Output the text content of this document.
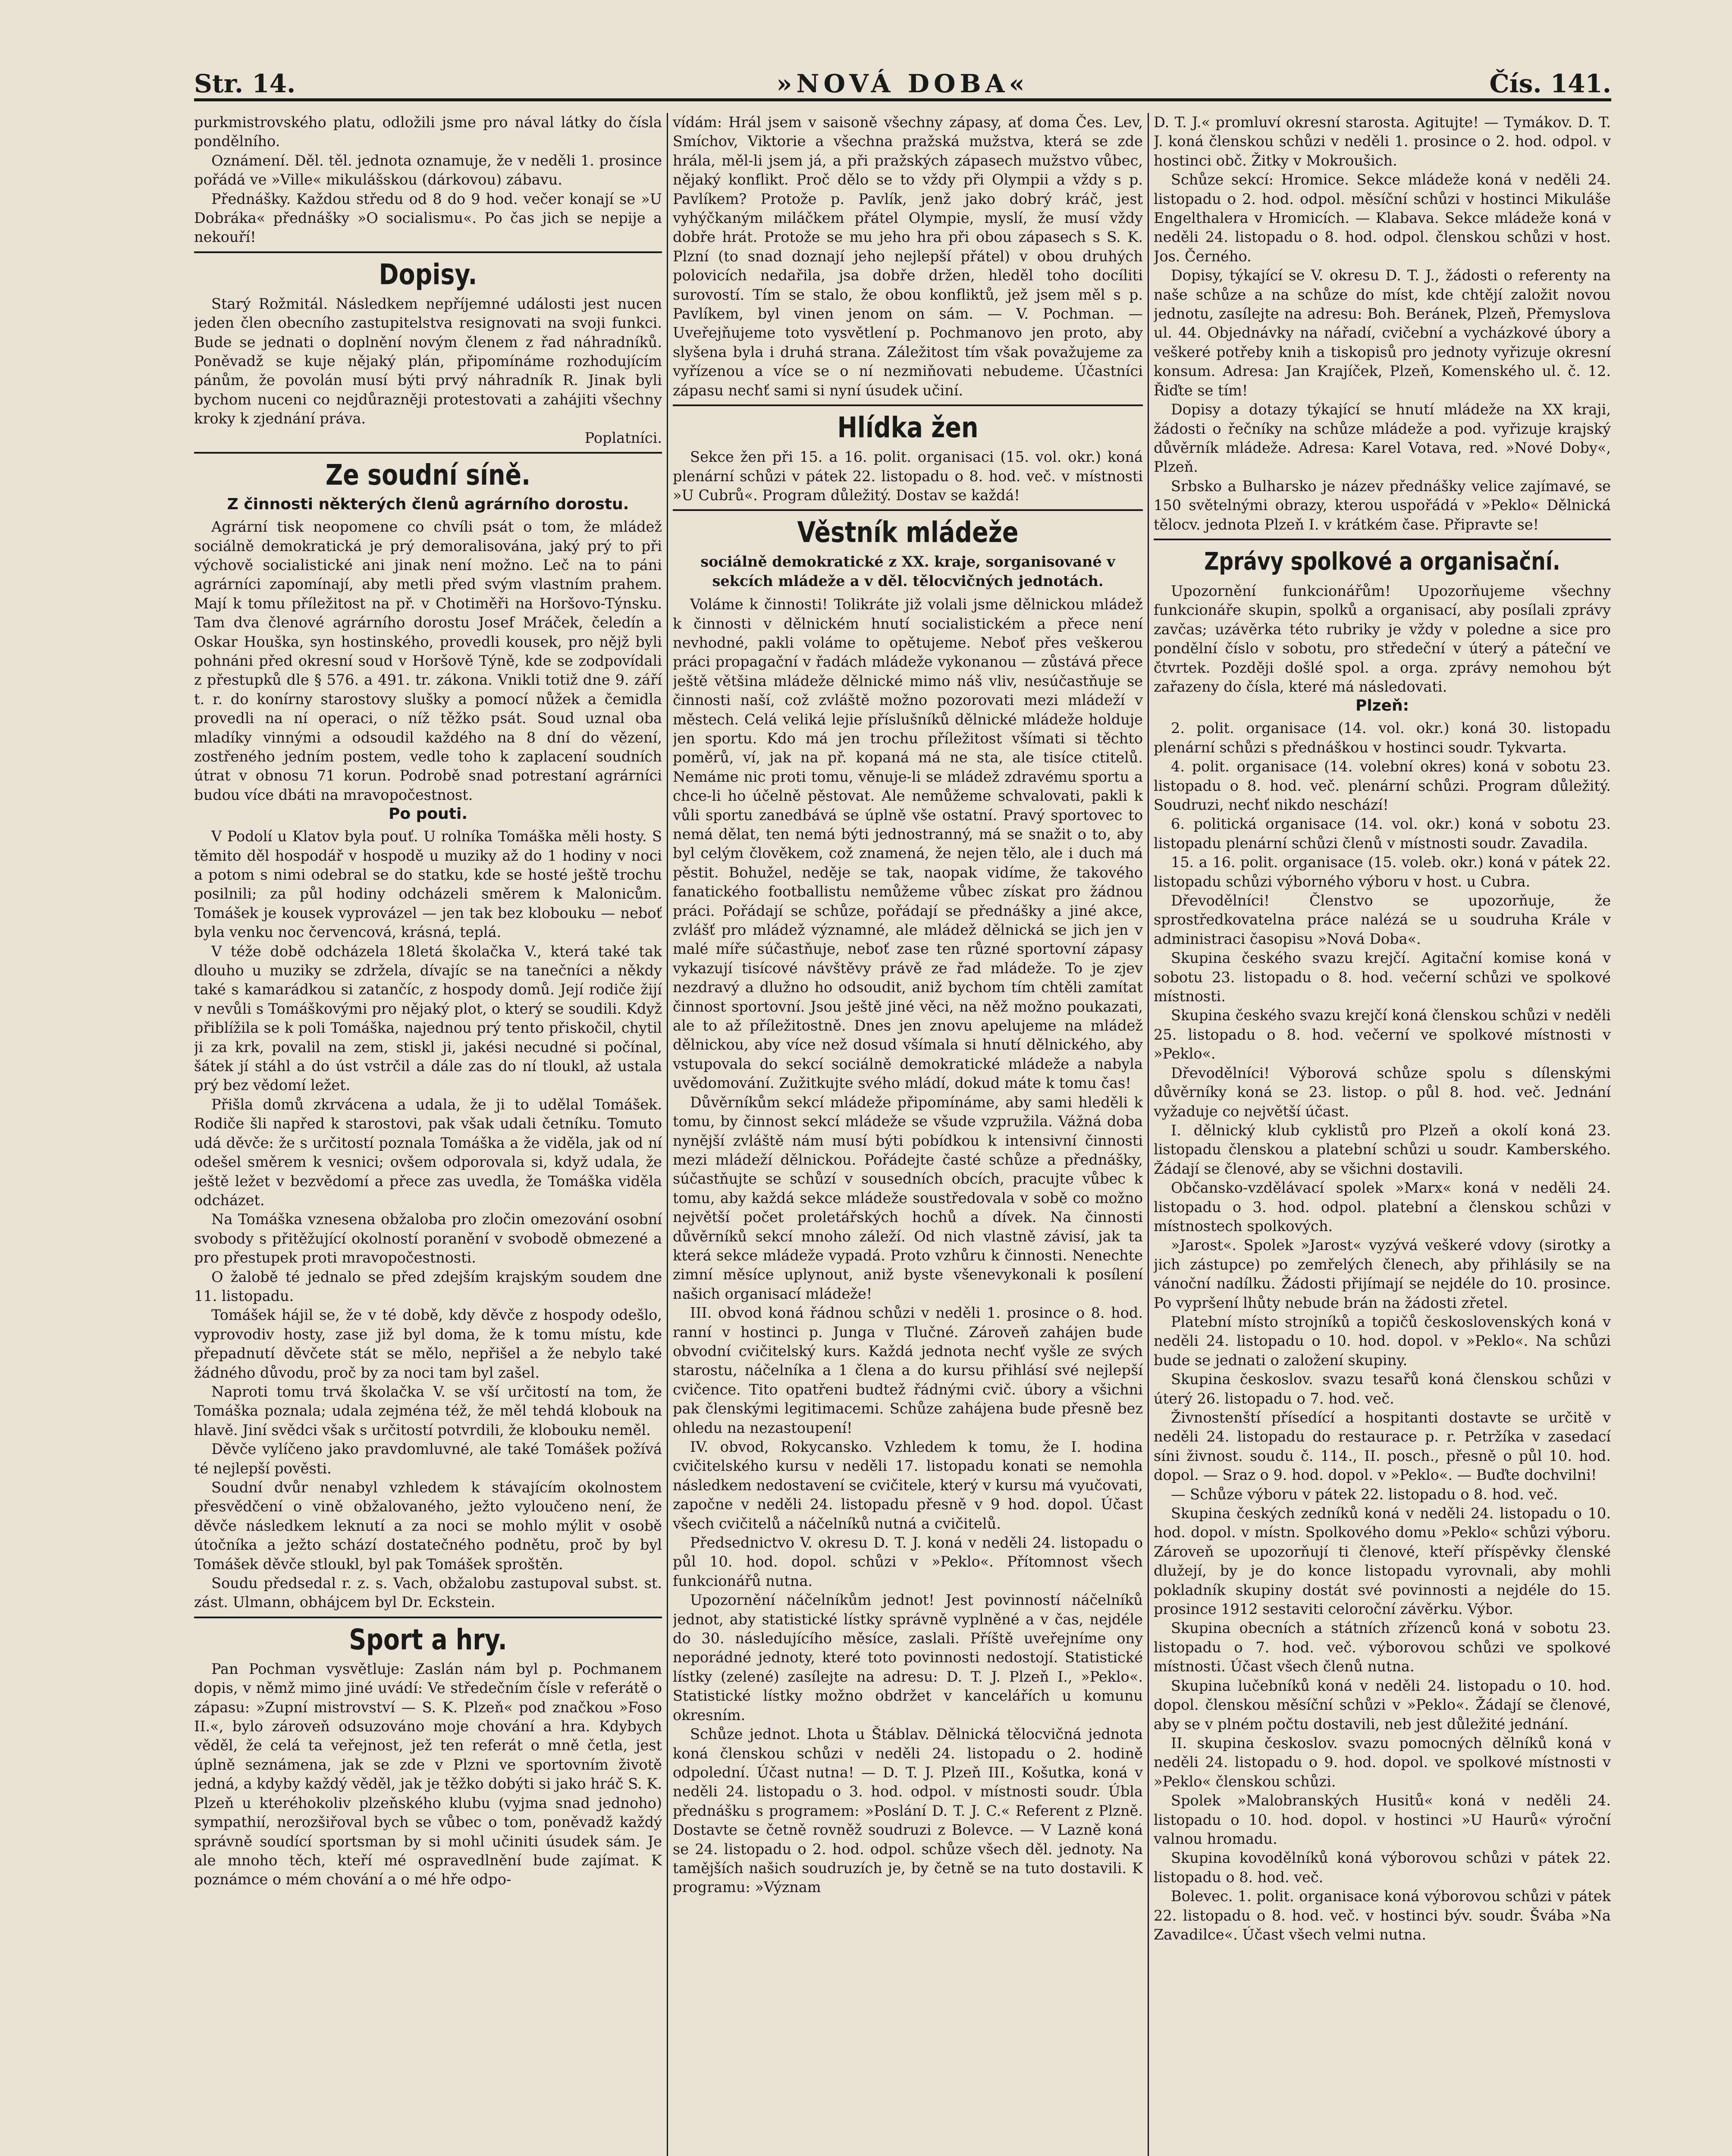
Str. 14.	»NOVÁ DOBA«	Čís. 141.

purkmistrovského platu, odložili jsme pro nával látky do čísla pondělního.

Oznámení. Děl. těl. jednota oznamuje, že v neděli 1. prosince pořádá ve »Ville« mikulášskou (dárkovou) zábavu.

Přednášky. Každou středu od 8 do 9 hod. večer konají se »U Dobráka« přednášky »O socialismu«. Po čas jich se nepije a nekouří!

Dopisy.

Starý Rožmitál. Následkem nepříjemné události jest nucen jeden člen obecního zastupitelstva resignovati na svoji funkci. Bude se jednati o doplnění novým členem z řad náhradníků. Poněvadž se kuje nějaký plán, připomínáme rozhodujícím pánům, že povolán musí býti prvý náhradník R. Jinak byli bychom nuceni co nejdůrazněji protestovati a zahájiti všechny kroky k zjednání práva.

Poplatníci.

Ze soudní síně.
Z činnosti některých členů agrárního dorostu.

Agrární tisk neopomene co chvíli psát o tom, že mládež sociálně demokratická je prý demoralisována, jaký prý to při výchově socialistické ani jinak není možno. Leč na to páni agrárníci zapomínají, aby metli před svým vlastním prahem. Mají k tomu příležitost na př. v Chotiměři na Horšovo-Týnsku. Tam dva členové agrárního dorostu Josef Mráček, čeledín a Oskar Houška, syn hostinského, provedli kousek, pro nějž byli pohnáni před okresní soud v Horšově Týně, kde se zodpovídali z přestupků dle § 576. a 491. tr. zákona. Vnikli totiž dne 9. září t. r. do konírny starostovy slušky a pomocí nůžek a čemidla provedli na ní operaci, o níž těžko psát. Soud uznal oba mladíky vinnými a odsoudil každého na 8 dní do vězení, zostřeného jedním postem, vedle toho k zaplacení soudních útrat v obnosu 71 korun. Podrobě snad potrestaní agrárníci budou více dbáti na mravopočestnost.

Po pouti.

V Podolí u Klatov byla pouť. U rolníka Tomáška měli hosty. S těmito děl hospodář v hospodě u muziky až do 1 hodiny v noci a potom s nimi odebral se do statku, kde se hosté ještě trochu posilnili; za půl hodiny odcházeli směrem k Malonicům. Tomášek je kousek vyprovázel — jen tak bez klobouku — neboť byla venku noc červencová, krásná, teplá.

V téže době odcházela 18letá školačka V., která také tak dlouho u muziky se zdržela, dívajíc se na tanečníci a někdy také s kamarádkou si zatančíc, z hospody domů. Její rodiče žijí v nevůli s Tomáškovými pro nějaký plot, o který se soudili. Když přiblížila se k poli Tomáška, najednou prý tento přiskočil, chytil ji za krk, povalil na zem, stiskl ji, jakési necudné si počínal, šátek jí stáhl a do úst vstrčil a dále zas do ní tloukl, až ustala prý bez vědomí ležet.

Přišla domů zkrvácena a udala, že ji to udělal Tomášek. Rodiče šli napřed k starostovi, pak však udali četníku. Tomuto udá děvče: že s určitostí poznala Tomáška a že viděla, jak od ní odešel směrem k vesnici; ovšem odporovala si, když udala, že ještě ležet v bezvědomí a přece zas uvedla, že Tomáška viděla odcházet.

Na Tomáška vznesena obžaloba pro zločin omezování osobní svobody s přitěžující okolností poranění v svobodě obmezené a pro přestupek proti mravopočestnosti.

O žalobě té jednalo se před zdejším krajským soudem dne 11. listopadu.

Tomášek hájil se, že v té době, kdy děvče z hospody odešlo, vyprovodiv hosty, zase již byl doma, že k tomu místu, kde přepadnutí děvčete stát se mělo, nepřišel a že nebylo také žádného důvodu, proč by za noci tam byl zašel.

Naproti tomu trvá školačka V. se vší určitostí na tom, že Tomáška poznala; udala zejména též, že měl tehdá klobouk na hlavě. Jiní svědci však s určitostí potvrdili, že klobouku neměl.

Děvče vylíčeno jako pravdomluvné, ale také Tomášek požívá té nejlepší pověsti.

Soudní dvůr nenabyl vzhledem k stávajícím okolnostem přesvědčení o vině obžalovaného, ježto vyloučeno není, že děvče následkem leknutí a za noci se mohlo mýlit v osobě útočníka a ježto schází dostatečného podnětu, proč by byl Tomášek děvče stloukl, byl pak Tomášek sproštěn.

Soudu předsedal r. z. s. Vach, obžalobu zastupoval subst. st. zást. Ulmann, obhájcem byl Dr. Eckstein.

Sport a hry.

Pan Pochman vysvětluje: Zaslán nám byl p. Pochmanem dopis, v němž mimo jiné uvádí: Ve středečním čísle v referátě o zápasu: »Zupní mistrovství — S. K. Plzeň« pod značkou »Foso II.«, bylo zároveň odsuzováno moje chování a hra. Kdybych věděl, že celá ta veřejnost, jež ten referát o mně četla, jest úplně seznámena, jak se zde v Plzni ve sportovním životě jedná, a kdyby každý věděl, jak je těžko dobýti si jako hráč S. K. Plzeň u kteréhokoliv plzeňského klubu (vyjma snad jednoho) sympathií, nerozšiřoval bych se vůbec o tom, poněvadž každý správně soudící sportsman by si mohl učiniti úsudek sám. Je ale mnoho těch, kteří mé ospravedlnění bude zajímat. K poznámce o mém chování a o mé hře odpo-

vídám: Hrál jsem v saisoně všechny zápasy, ať doma Čes. Lev, Smíchov, Viktorie a všechna pražská mužstva, která se zde hrála, měl-li jsem já, a při pražských zápasech mužstvo vůbec, nějaký konflikt. Proč dělo se to vždy při Olympii a vždy s p. Pavlíkem? Protože p. Pavlík, jenž jako dobrý kráč, jest vyhýčkaným miláčkem přátel Olympie, myslí, že musí vždy dobře hrát. Protože se mu jeho hra při obou zápasech s S. K. Plzní (to snad doznají jeho nejlepší přátel) v obou druhých polovicích nedařila, jsa dobře držen, hleděl toho docíliti surovostí. Tím se stalo, že obou konfliktů, jež jsem měl s p. Pavlíkem, byl vinen jenom on sám. — V. Pochman. — Uveřejňujeme toto vysvětlení p. Pochmanovo jen proto, aby slyšena byla i druhá strana. Záležitost tím však považujeme za vyřízenou a více se o ní nezmiňovati nebudeme. Účastníci zápasu nechť sami si nyní úsudek učiní.

Hlídka žen

Sekce žen při 15. a 16. polit. organisaci (15. vol. okr.) koná plenární schůzi v pátek 22. listopadu o 8. hod. več. v místnosti »U Cubrů«. Program důležitý. Dostav se každá!

Věstník mládeže

sociálně demokratické z XX. kraje, sorganisované v sekcích mládeže a v děl. tělocvičných jednotách.

Voláme k činnosti! Tolikráte již volali jsme dělnickou mládež k činnosti v dělnickém hnutí socialistickém a přece není nevhodné, pakli voláme to opětujeme. Neboť přes veškerou práci propagační v řadách mládeže vykonanou — zůstává přece ještě většina mládeže dělnické mimo náš vliv, nesúčastňuje se činnosti naší, což zvláště možno pozorovati mezi mládeží v městech. Celá veliká lejie příslušníků dělnické mládeže holduje jen sportu. Kdo má jen trochu příležitost všímati si těchto poměrů, ví, jak na př. kopaná má ne sta, ale tisíce ctitelů. Nemáme nic proti tomu, věnuje-li se mládež zdravému sportu a chce-li ho účelně pěstovat. Ale nemůžeme schvalovati, pakli k vůli sportu zanedbává se úplně vše ostatní. Pravý sportovec to nemá dělat, ten nemá býti jednostranný, má se snažit o to, aby byl celým člověkem, což znamená, že nejen tělo, ale i duch má pěstit. Bohužel, neděje se tak, naopak vidíme, že takového fanatického footballistu nemůžeme vůbec získat pro žádnou práci. Pořádají se schůze, pořádají se přednášky a jiné akce, zvlášť pro mládež významné, ale mládež dělnická se jich jen v malé míře súčastňuje, neboť zase ten různé sportovní zápasy vykazují tisícové návštěvy právě ze řad mládeže. To je zjev nezdravý a dlužno ho odsoudit, aniž bychom tím chtěli zamítat činnost sportovní. Jsou ještě jiné věci, na něž možno poukazati, ale to až příležitostně. Dnes jen znovu apelujeme na mládež dělnickou, aby více než dosud všímala si hnutí dělnického, aby vstupovala do sekcí sociálně demokratické mládeže a nabyla uvědomování. Zužitkujte svého mládí, dokud máte k tomu čas!

Důvěrníkům sekcí mládeže připomínáme, aby sami hleděli k tomu, by činnost sekcí mládeže se všude vzpružila. Vážná doba nynější zvláště nám musí býti pobídkou k intensivní činnosti mezi mládeží dělnickou. Pořádejte časté schůze a přednášky, súčastňujte se schůzí v sousedních obcích, pracujte vůbec k tomu, aby každá sekce mládeže soustředovala v sobě co možno největší počet proletářských hochů a dívek. Na činnosti důvěrníků sekcí mnoho záleží. Od nich vlastně závisí, jak ta která sekce mládeže vypadá. Proto vzhůru k činnosti. Nenechte zimní měsíce uplynout, aniž byste všenevykonali k posílení našich organisací mládeže!

III. obvod koná řádnou schůzi v neděli 1. prosince o 8. hod. ranní v hostinci p. Junga v Tlučné. Zároveň zahájen bude obvodní cvičitelský kurs. Každá jednota nechť vyšle ze svých starostu, náčelníka a 1 člena a do kursu přihlásí své nejlepší cvičence. Tito opatřeni budtež řádnými cvič. úbory a všichni pak členskými legitimacemi. Schůze zahájena bude přesně bez ohledu na nezastoupení!

IV. obvod, Rokycansko. Vzhledem k tomu, že I. hodina cvičitelského kursu v neděli 17. listopadu konati se nemohla následkem nedostavení se cvičitele, který v kursu má vyučovati, započne v neděli 24. listopadu přesně v 9 hod. dopol. Účast všech cvičitelů a náčelníků nutná a cvičitelů.

Předsednictvo V. okresu D. T. J. koná v neděli 24. listopadu o půl 10. hod. dopol. schůzi v »Peklo«. Přítomnost všech funkcionářů nutna.

Upozornění náčelníkům jednot! Jest povinností náčelníků jednot, aby statistické lístky správně vyplněné a v čas, nejdéle do 30. následujícího měsíce, zaslali. Příště uveřejníme ony neporádné jednoty, které toto povinnosti nedostojí. Statistické lístky (zelené) zasílejte na adresu: D. T. J. Plzeň I., »Peklo«. Statistické lístky možno obdržet v kancelářích u komunu okresním.

Schůze jednot. Lhota u Štáblav. Dělnická tělocvičná jednota koná členskou schůzi v neděli 24. listopadu o 2. hodině odpolední. Účast nutna! — D. T. J. Plzeň III., Košutka, koná v neděli 24. listopadu o 3. hod. odpol. v místnosti soudr. Úbla přednášku s programem: »Poslání D. T. J. C.« Referent z Plzně. Dostavte se četně rovněž soudruzi z Bolevce. — V Lazně koná se 24. listopadu o 2. hod. odpol. schůze všech děl. jednoty. Na tamějších našich soudruzích je, by četně se na tuto dostavili. K programu: »Význam

D. T. J.« promluví okresní starosta. Agitujte! — Tymákov. D. T. J. koná členskou schůzi v neděli 1. prosince o 2. hod. odpol. v hostinci obč. Žitky v Mokroušich.

Schůze sekcí: Hromice. Sekce mládeže koná v neděli 24. listopadu o 2. hod. odpol. měsíční schůzi v hostinci Mikuláše Engelthalera v Hromicích. — Klabava. Sekce mládeže koná v neděli 24. listopadu o 8. hod. odpol. členskou schůzi v host. Jos. Černého.

Dopisy, týkající se V. okresu D. T. J., žádosti o referenty na naše schůze a na schůze do míst, kde chtějí založit novou jednotu, zasílejte na adresu: Boh. Beránek, Plzeň, Přemyslova ul. 44. Objednávky na nářadí, cvičební a vycházkové úbory a veškeré potřeby knih a tiskopisů pro jednoty vyřizuje okresní konsum. Adresa: Jan Krajíček, Plzeň, Komenského ul. č. 12. Řiďte se tím!

Dopisy a dotazy týkající se hnutí mládeže na XX kraji, žádosti o řečníky na schůze mládeže a pod. vyřizuje krajský důvěrník mládeže. Adresa: Karel Votava, red. »Nové Doby«, Plzeň.

Srbsko a Bulharsko je název přednášky velice zajímavé, se 150 světelnými obrazy, kterou uspořádá v »Peklo« Dělnická tělocv. jednota Plzeň I. v krátkém čase. Připravte se!

Zprávy spolkové a organisační.

Upozornění funkcionářům! Upozorňujeme všechny funkcionáře skupin, spolků a organisací, aby posílali zprávy zavčas; uzávěrka této rubriky je vždy v poledne a sice pro pondělní číslo v sobotu, pro středeční v úterý a páteční ve čtvrtek. Později došlé spol. a orga. zprávy nemohou být zařazeny do čísla, které má následovati.

Plzeň:

2. polit. organisace (14. vol. okr.) koná 30. listopadu plenární schůzi s přednáškou v hostinci soudr. Tykvarta.

4. polit. organisace (14. volební okres) koná v sobotu 23. listopadu o 8. hod. več. plenární schůzi. Program důležitý. Soudruzi, nechť nikdo neschází!

6. politická organisace (14. vol. okr.) koná v sobotu 23. listopadu plenární schůzi členů v místnosti soudr. Zavadila.

15. a 16. polit. organisace (15. voleb. okr.) koná v pátek 22. listopadu schůzi výborného výboru v host. u Cubra.

Dřevodělníci! Členstvo se upozorňuje, že sprostředkovatelna práce nalézá se u soudruha Krále v administraci časopisu »Nová Doba«.

Skupina českého svazu krejčí. Agitační komise koná v sobotu 23. listopadu o 8. hod. večerní schůzi ve spolkové místnosti.

Skupina českého svazu krejčí koná členskou schůzi v neděli 25. listopadu o 8. hod. večerní ve spolkové místnosti v »Peklo«.

Dřevodělníci! Výborová schůze spolu s dílenskými důvěrníky koná se 23. listop. o půl 8. hod. več. Jednání vyžaduje co největší účast.

I. dělnický klub cyklistů pro Plzeň a okolí koná 23. listopadu členskou a platební schůzi u soudr. Kamberského. Žádají se členové, aby se všichni dostavili.

Občansko-vzdělávací spolek »Marx« koná v neděli 24. listopadu o 3. hod. odpol. platební a členskou schůzi v místnostech spolkových.

»Jarost«. Spolek »Jarost« vyzývá veškeré vdovy (sirotky a jich zástupce) po zemřelých členech, aby přihlásily se na vánoční nadílku. Žádosti přijímají se nejdéle do 10. prosince. Po vypršení lhůty nebude brán na žádosti zřetel.

Platební místo strojníků a topičů československých koná v neděli 24. listopadu o 10. hod. dopol. v »Peklo«. Na schůzi bude se jednati o založení skupiny.

Skupina českoslov. svazu tesařů koná členskou schůzi v úterý 26. listopadu o 7. hod. več.

Živnostenští přísedící a hospitanti dostavte se určitě v neděli 24. listopadu do restaurace p. r. Petržíka v zasedací síni živnost. soudu č. 114., II. posch., přesně o půl 10. hod. dopol. — Sraz o 9. hod. dopol. v »Peklo«. — Buďte dochvilni!

— Schůze výboru v pátek 22. listopadu o 8. hod. več.

Skupina českých zedníků koná v neděli 24. listopadu o 10. hod. dopol. v místn. Spolkového domu »Peklo« schůzi výboru. Zároveň se upozorňují ti členové, kteří příspěvky členské dlužejí, by je do konce listopadu vyrovnali, aby mohli pokladník skupiny dostát své povinnosti a nejdéle do 15. prosince 1912 sestaviti celoroční závěrku. Výbor.

Skupina obecních a státních zřízenců koná v sobotu 23. listopadu o 7. hod. več. výborovou schůzi ve spolkové místnosti. Účast všech členů nutna.

Skupina lučebníků koná v neděli 24. listopadu o 10. hod. dopol. členskou měsíční schůzi v »Peklo«. Žádají se členové, aby se v plném počtu dostavili, neb jest důležité jednání.

II. skupina českoslov. svazu pomocných dělníků koná v neděli 24. listopadu o 9. hod. dopol. ve spolkové místnosti v »Peklo« členskou schůzi.

Spolek »Malobranských Husitů« koná v neděli 24. listopadu o 10. hod. dopol. v hostinci »U Haurů« výroční valnou hromadu.

Skupina kovodělníků koná výborovou schůzi v pátek 22. listopadu o 8. hod. več.

Bolevec. 1. polit. organisace koná výborovou schůzi v pátek 22. listopadu o 8. hod. več. v hostinci býv. soudr. Švába »Na Zavadilce«. Účast všech velmi nutna.
